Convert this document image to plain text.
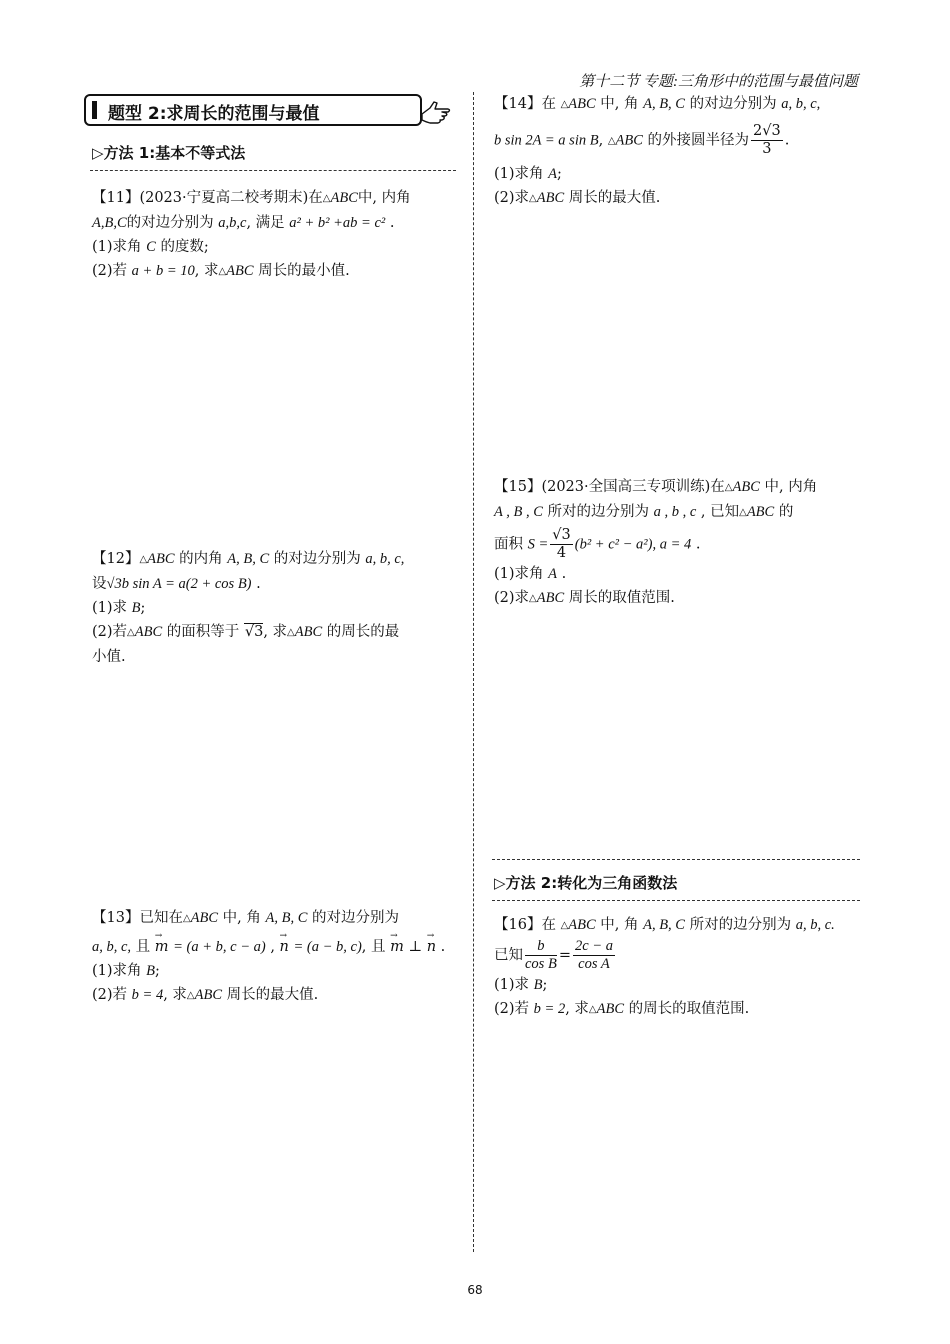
第十二节 专题:三角形中的范围与最值问题
题型 2:求周长的范围与最值
▷方法 1:基本不等式法

【11】(2023·宁夏高二校考期末)在△ABC中, 内角

A,B,C的对边分别为 a,b,c, 满足 a² + b² +ab = c² .

(1)求角 C 的度数;

(2)若 a + b = 10, 求△ABC 周长的最小值.

【12】△ABC 的内角 A, B, C 的对边分别为 a, b, c,

设√3b sin A = a(2 + cos B) .

(1)求 B;

(2)若△ABC 的面积等于 √3, 求△ABC 的周长的最

小值.

【13】已知在△ABC 中, 角 A, B, C 的对边分别为

a, b, c, 且 → m = (a + b, c − a) , → n = (a − b, c), 且 → m ⊥ → n .

(1)求角 B;

(2)若 b = 4, 求△ABC 周长的最大值.

【14】在 △ABC 中, 角 A, B, C 的对边分别为 a, b, c,

b sin 2A = a sin B, △ABC 的外接圆半径为 $\frac{2√3}{3}$ .

(1)求角 A;

(2)求△ABC 周长的最大值.

【15】(2023·全国高三专项训练)在△ABC 中, 内角

A , B , C 所对的边分别为 a , b , c , 已知△ABC 的

面积 $S = \frac{√3}{4} (b^2 + c^2 - a^2)$, a = 4 .

(1)求角 A .

(2)求△ABC 周长的取值范围.

▷方法 2:转化为三角函数法

【16】在 △ABC 中, 角 A, B, C 所对的边分别为 a, b, c.

已知 $\frac{b}{\text{cos B}} = \frac{2c - a}{\text{cos A}}$

(1)求 B;

(2)若 b = 2, 求△ABC 的周长的取值范围.

68
